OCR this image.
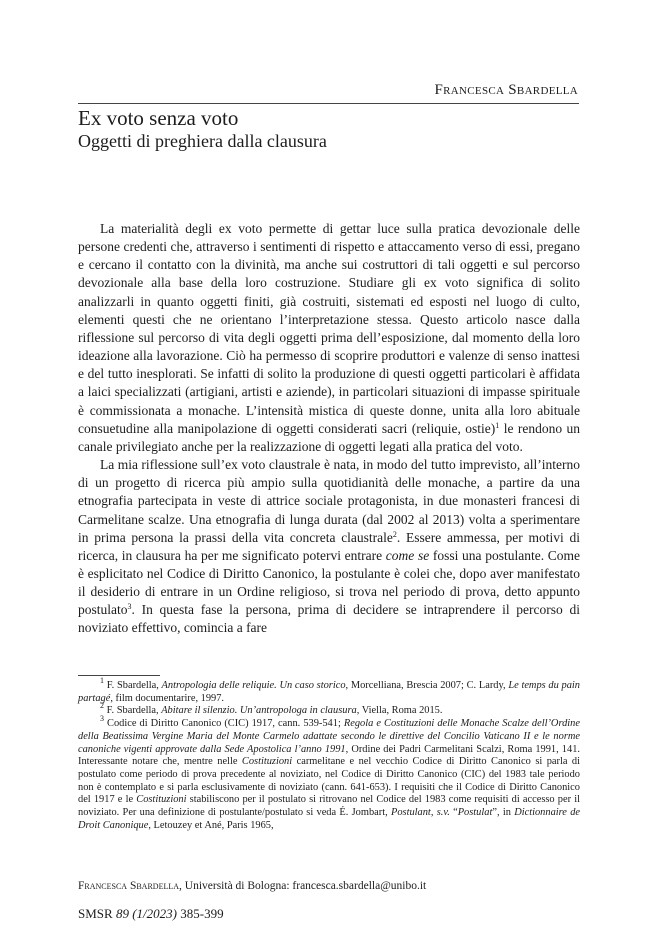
Francesca Sbardella
Ex voto senza voto
Oggetti di preghiera dalla clausura

La materialità degli ex voto permette di gettar luce sulla pratica devozionale delle persone credenti che, attraverso i sentimenti di rispetto e attaccamento verso di essi, pregano e cercano il contatto con la divinità, ma anche sui costruttori di tali oggetti e sul percorso devozionale alla base della loro costruzione. Studiare gli ex voto significa di solito analizzarli in quanto oggetti finiti, già costruiti, sistemati ed esposti nel luogo di culto, elementi questi che ne orientano l’interpretazione stessa. Questo articolo nasce dalla riflessione sul percorso di vita degli oggetti prima dell’esposizione, dal momento della loro ideazione alla lavorazione. Ciò ha permesso di scoprire produttori e valenze di senso inattesi e del tutto inesplorati. Se infatti di solito la produzione di questi oggetti particolari è affidata a laici specializzati (artigiani, artisti e aziende), in particolari situazioni di impasse spirituale è commissionata a monache. L’intensità mistica di queste donne, unita alla loro abituale consuetudine alla manipolazione di oggetti considerati sacri (reliquie, ostie)$^1$ le rendono un canale privilegiato anche per la realizzazione di oggetti legati alla pratica del voto.

La mia riflessione sull’ex voto claustrale è nata, in modo del tutto imprevisto, all’interno di un progetto di ricerca più ampio sulla quotidianità delle monache, a partire da una etnografia partecipata in veste di attrice sociale protagonista, in due monasteri francesi di Carmelitane scalze. Una etnografia di lunga durata (dal 2002 al 2013) volta a sperimentare in prima persona la prassi della vita concreta claustrale$^2$. Essere ammessa, per motivi di ricerca, in clausura ha per me significato potervi entrare come se fossi una postulante. Come è esplicitato nel Codice di Diritto Canonico, la postulante è colei che, dopo aver manifestato il desiderio di entrare in un Ordine religioso, si trova nel periodo di prova, detto appunto postulato$^3$. In questa fase la persona, prima di decidere se intraprendere il percorso di noviziato effettivo, comincia a fare

$^1$ F. Sbardella, Antropologia delle reliquie. Un caso storico, Morcelliana, Brescia 2007; C. Lardy, Le temps du pain partagé, film documentarire, 1997.

$^2$ F. Sbardella, Abitare il silenzio. Un’antropologa in clausura, Viella, Roma 2015.

$^3$ Codice di Diritto Canonico (CIC) 1917, cann. 539-541; Regola e Costituzioni delle Monache Scalze dell’Ordine della Beatissima Vergine Maria del Monte Carmelo adattate secondo le direttive del Concilio Vaticano II e le norme canoniche vigenti approvate dalla Sede Apostolica l’anno 1991, Ordine dei Padri Carmelitani Scalzi, Roma 1991, 141. Interessante notare che, mentre nelle Costituzioni carmelitane e nel vecchio Codice di Diritto Canonico si parla di postulato come periodo di prova precedente al noviziato, nel Codice di Diritto Canonico (CIC) del 1983 tale periodo non è contemplato e si parla esclusivamente di noviziato (cann. 641-653). I requisiti che il Codice di Diritto Canonico del 1917 e le Costituzioni stabiliscono per il postulato si ritrovano nel Codice del 1983 come requisiti di accesso per il noviziato. Per una definizione di postulante/postulato si veda É. Jombart, Postulant, s.v. “Postulat”, in Dictionnaire de Droit Canonique, Letouzey et Ané, Paris 1965,

Francesca Sbardella, Università di Bologna: francesca.sbardella@unibo.it
SMSR 89 (1/2023) 385-399
